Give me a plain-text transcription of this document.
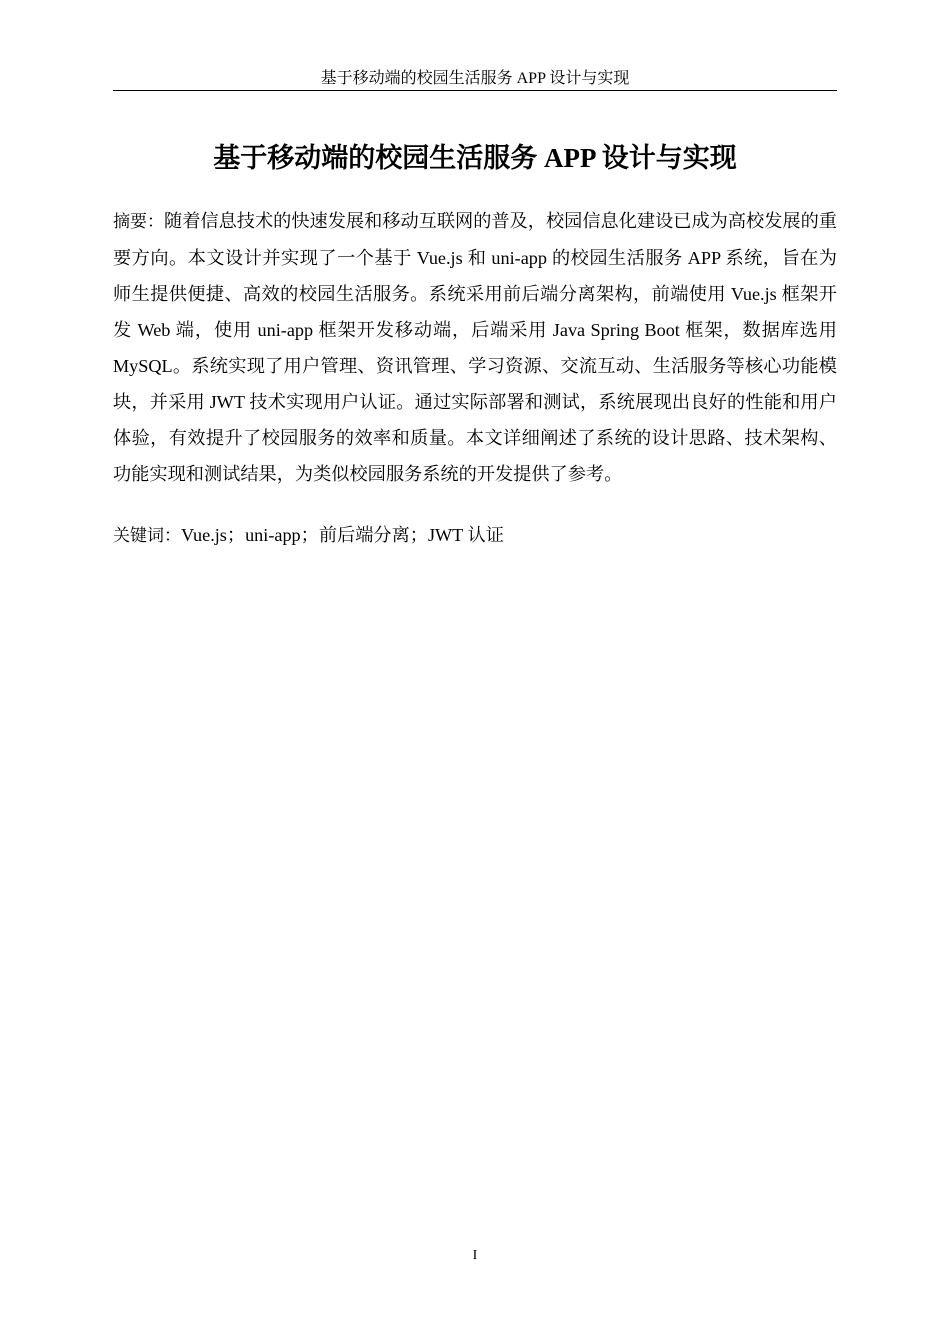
基于移动端的校园生活服务 APP 设计与实现
基于移动端的校园生活服务 APP 设计与实现

摘要：随着信息技术的快速发展和移动互联网的普及，校园信息化建设已成为高校发展的重要方向。本文设计并实现了一个基于 Vue.js 和 uni-app 的校园生活服务 APP 系统，旨在为师生提供便捷、高效的校园生活服务。系统采用前后端分离架构，前端使用 Vue.js 框架开发 Web 端，使用 uni-app 框架开发移动端，后端采用 Java Spring Boot 框架，数据库选用 MySQL。系统实现了用户管理、资讯管理、学习资源、交流互动、生活服务等核心功能模块，并采用 JWT 技术实现用户认证。通过实际部署和测试，系统展现出良好的性能和用户体验，有效提升了校园服务的效率和质量。本文详细阐述了系统的设计思路、技术架构、功能实现和测试结果，为类似校园服务系统的开发提供了参考。

关键词：Vue.js；uni-app；前后端分离；JWT 认证

I
